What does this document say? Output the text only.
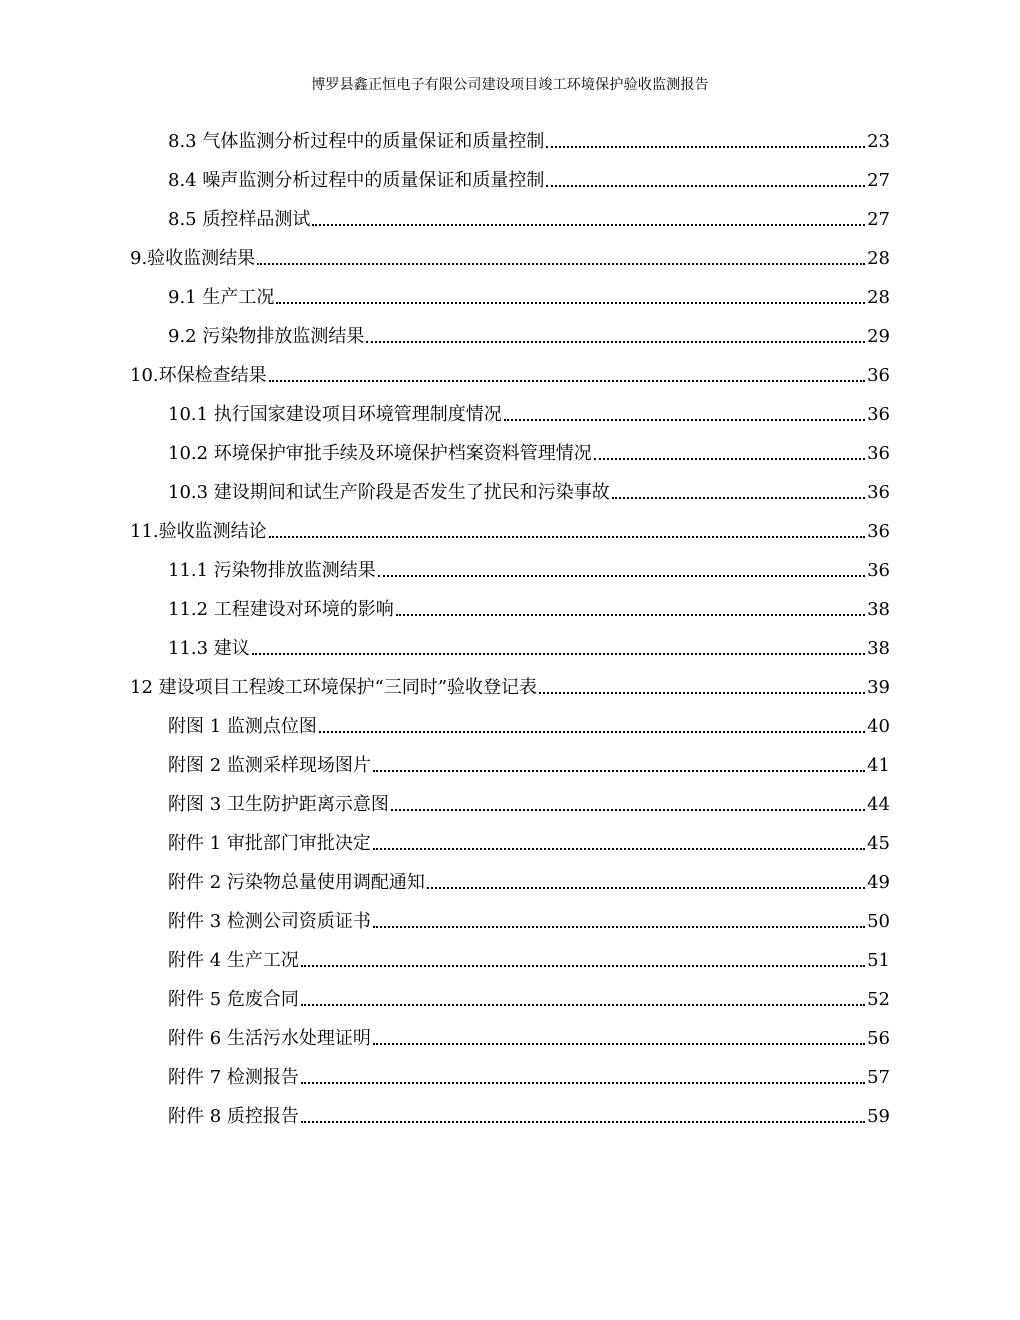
博罗县鑫正恒电子有限公司建设项目竣工环境保护验收监测报告
8.3 气体监测分析过程中的质量保证和质量控制	23
8.4 噪声监测分析过程中的质量保证和质量控制	27
8.5 质控样品测试	27
9.验收监测结果	28
9.1 生产工况	28
9.2 污染物排放监测结果	29
10.环保检查结果	36
10.1 执行国家建设项目环境管理制度情况	36
10.2 环境保护审批手续及环境保护档案资料管理情况	36
10.3 建设期间和试生产阶段是否发生了扰民和污染事故	36
11.验收监测结论	36
11.1 污染物排放监测结果	36
11.2 工程建设对环境的影响	38
11.3 建议	38
12 建设项目工程竣工环境保护“三同时”验收登记表	39
附图 1 监测点位图	40
附图 2 监测采样现场图片	41
附图 3 卫生防护距离示意图	44
附件 1 审批部门审批决定	45
附件 2 污染物总量使用调配通知	49
附件 3 检测公司资质证书	50
附件 4 生产工况	51
附件 5 危废合同	52
附件 6 生活污水处理证明	56
附件 7 检测报告	57
附件 8 质控报告	59
